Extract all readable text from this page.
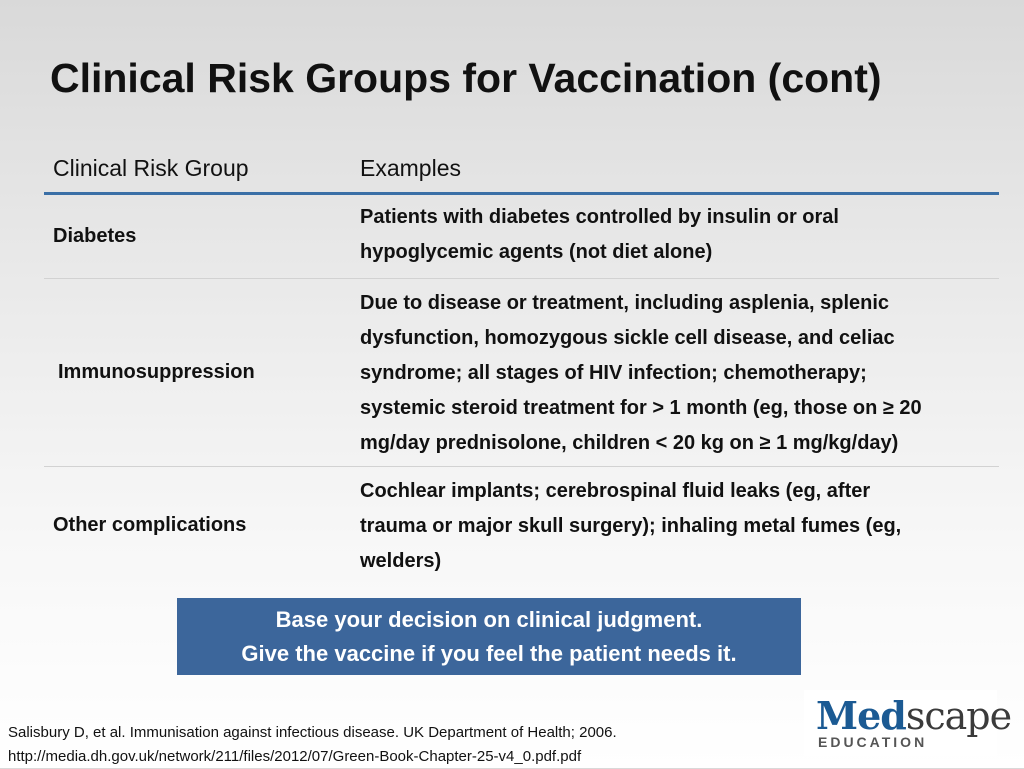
Clinical Risk Groups for Vaccination (cont)
Clinical Risk Group	Examples
Diabetes
Patients with diabetes controlled by insulin or oral
hypoglycemic agents (not diet alone)
Immunosuppression
Due to disease or treatment, including asplenia, splenic
dysfunction, homozygous sickle cell disease, and celiac
syndrome; all stages of HIV infection; chemotherapy;
systemic steroid treatment for > 1 month (eg, those on ≥ 20
mg/day prednisolone, children < 20 kg on ≥ 1 mg/kg/day)
Other complications
Cochlear implants; cerebrospinal fluid leaks (eg, after
trauma or major skull surgery); inhaling metal fumes (eg,
welders)
Base your decision on clinical judgment.
Give the vaccine if you feel the patient needs it.
Salisbury D, et al. Immunisation against infectious disease. UK Department of Health; 2006.
http://media.dh.gov.uk/network/211/files/2012/07/Green-Book-Chapter-25-v4_0.pdf.pdf
Medscape
EDUCATION
